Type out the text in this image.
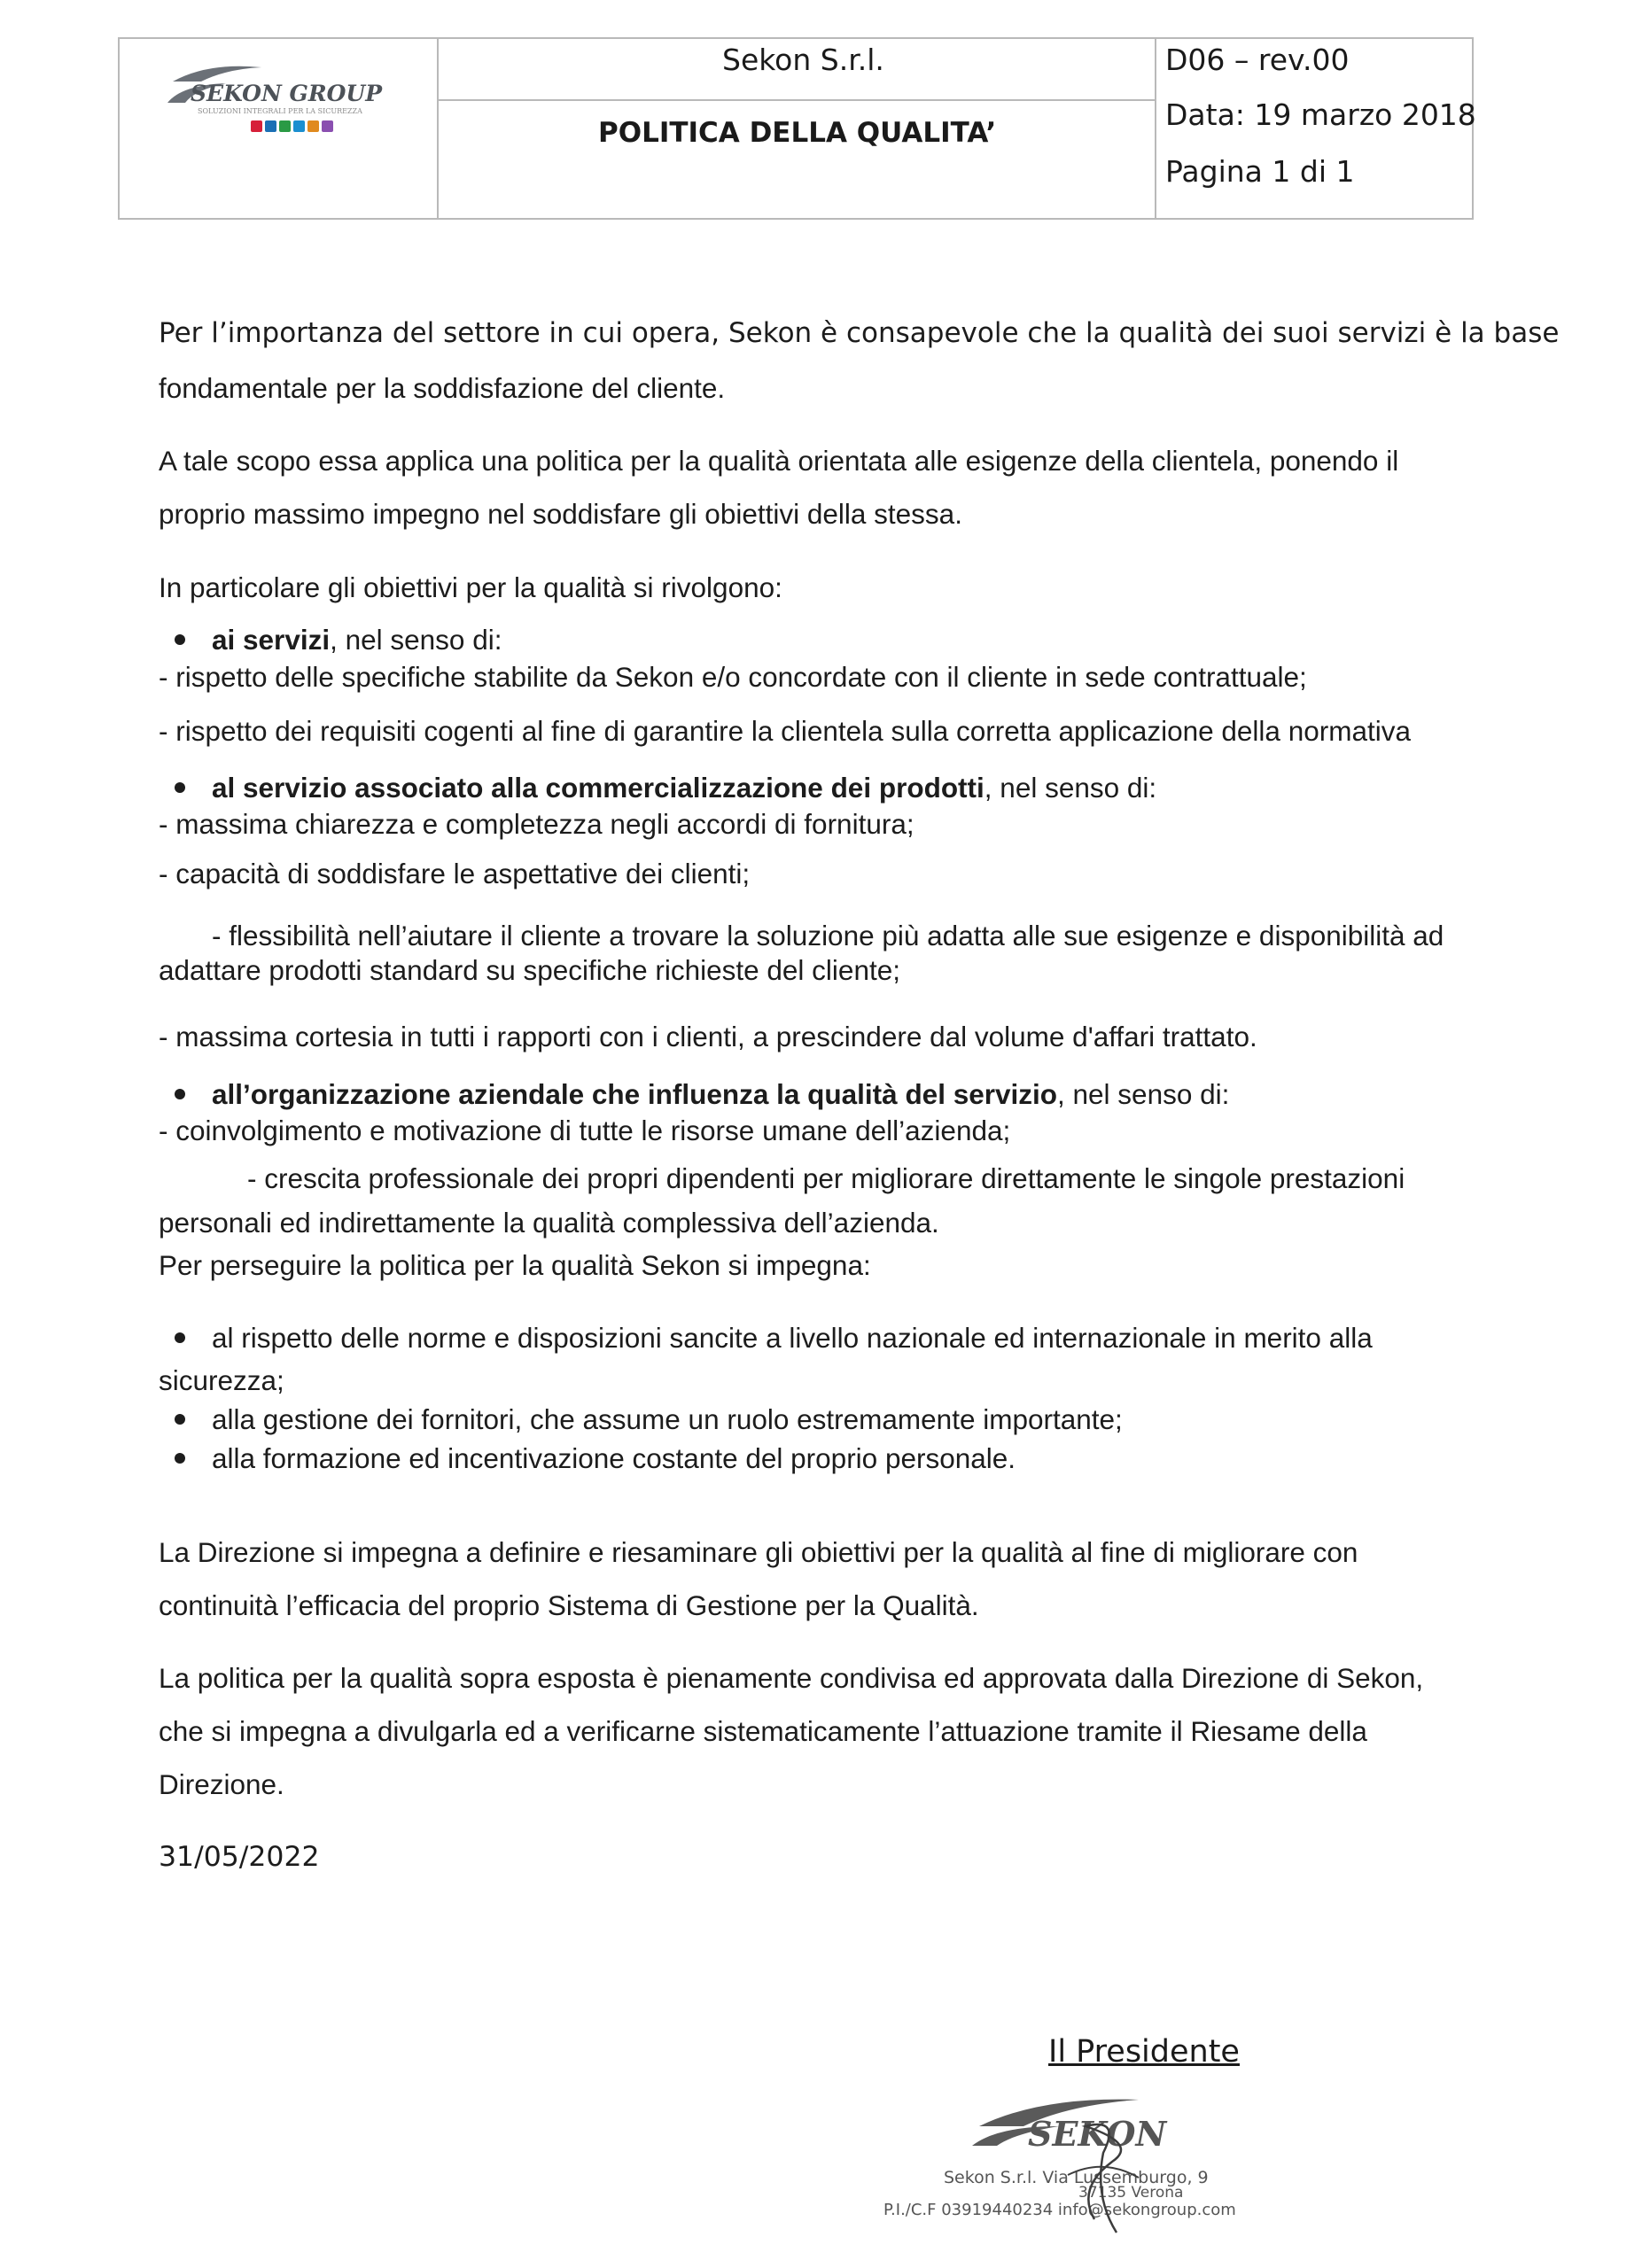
SEKON GROUP
SOLUZIONI INTEGRALI PER LA SICUREZZA
Sekon S.r.l.
POLITICA DELLA QUALITA’
D06 – rev.00
Data: 19 marzo 2018
Pagina 1 di 1
Per l’importanza del settore in cui opera, Sekon è consapevole che la qualità dei suoi servizi è la base
fondamentale per la soddisfazione del cliente.
A tale scopo essa applica una politica per la qualità orientata alle esigenze della clientela, ponendo il
proprio massimo impegno nel soddisfare gli obiettivi della stessa.
In particolare gli obiettivi per la qualità si rivolgono:
ai servizi, nel senso di:
- rispetto delle specifiche stabilite da Sekon e/o concordate con il cliente in sede contrattuale;
- rispetto dei requisiti cogenti al fine di garantire la clientela sulla corretta applicazione della normativa
al servizio associato alla commercializzazione dei prodotti, nel senso di:
- massima chiarezza e completezza negli accordi di fornitura;
- capacità di soddisfare le aspettative dei clienti;
- flessibilità nell’aiutare il cliente a trovare la soluzione più adatta alle sue esigenze e disponibilità ad
adattare prodotti standard su specifiche richieste del cliente;
- massima cortesia in tutti i rapporti con i clienti, a prescindere dal volume d'affari trattato.
all’organizzazione aziendale che influenza la qualità del servizio, nel senso di:
- coinvolgimento e motivazione di tutte le risorse umane dell’azienda;
- crescita professionale dei propri dipendenti per migliorare direttamente le singole prestazioni
personali ed indirettamente la qualità complessiva dell’azienda.
Per perseguire la politica per la qualità Sekon si impegna:
al rispetto delle norme e disposizioni sancite a livello nazionale ed internazionale in merito alla
sicurezza;
alla gestione dei fornitori, che assume un ruolo estremamente importante;
alla formazione ed incentivazione costante del proprio personale.
La Direzione si impegna a definire e riesaminare gli obiettivi per la qualità al fine di migliorare con
continuità l’efficacia del proprio Sistema di Gestione per la Qualità.
La politica per la qualità sopra esposta è pienamente condivisa ed approvata dalla Direzione di Sekon,
che si impegna a divulgarla ed a verificarne sistematicamente l’attuazione tramite il Riesame della
Direzione.
31/05/2022
Il Presidente
SEKON
Sekon S.r.l. Via Lussemburgo, 9
37135 Verona
P.I./C.F 03919440234 info@sekongroup.com
